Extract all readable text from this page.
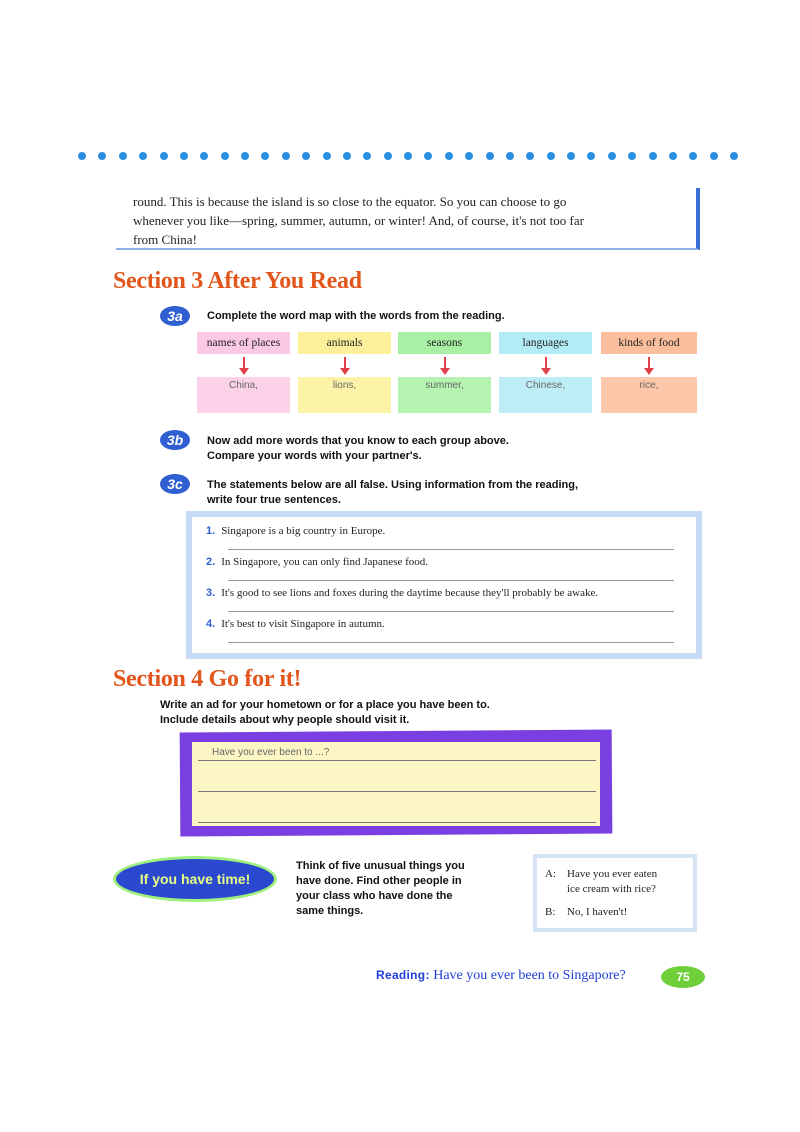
round. This is because the island is so close to the equator. So you can choose to go

whenever you like—spring, summer, autumn, or winter! And, of course, it's not too far

from China!

Section 3 After You Read
3a	Complete the word map with the words from the reading.
names of places
China,
animals
lions,
seasons
summer,
languages
Chinese,
kinds of food
rice,
3b	Now add more words that you know to each group above.
Compare your words with your partner's.
3c	The statements below are all false. Using information from the reading,
write four true sentences.
1. Singapore is a big country in Europe.
2. In Singapore, you can only find Japanese food.
3. It's good to see lions and foxes during the daytime because they'll probably be awake.
4. It's best to visit Singapore in autumn.
Section 4 Go for it!
Write an ad for your hometown or for a place you have been to.
Include details about why people should visit it.
Have you ever been to ...?
If you have time!
Think of five unusual things you
have done. Find other people in
your class who have done the
same things.
A: Have you ever eaten
ice cream with rice?
B: No, I haven't!
Reading: Have you ever been to Singapore?	75
